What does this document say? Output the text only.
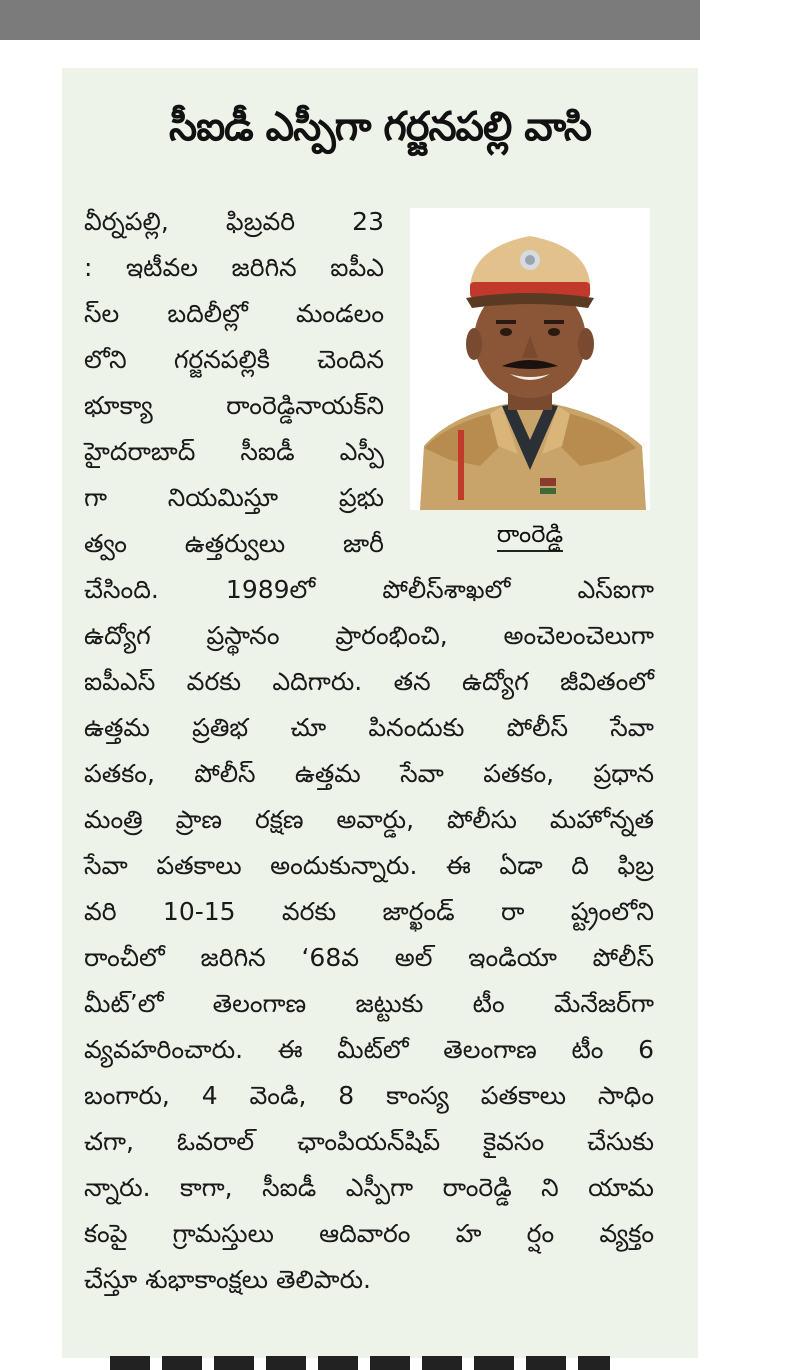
సీఐడీ ఎస్పీగా గర్జనపల్లి వాసి
రాంరెడ్డి
వీర్నపల్లి, ఫిబ్రవరి 23
: ఇటీవల జరిగిన ఐపీఎ
స్‌ల బదిలీల్లో మండలం
లోని గర్జనపల్లికి చెందిన
భూక్యా రాంరెడ్డినాయక్‌ని
హైదరాబాద్ సీఐడీ ఎస్పీ
గా నియమిస్తూ ప్రభు
త్వం ఉత్తర్వులు జారీ
చేసింది. 1989లో పోలీస్‌శాఖలో ఎస్‌ఐగా
ఉద్యోగ ప్రస్థానం ప్రారంభించి, అంచెలంచెలుగా
ఐపీఎస్ వరకు ఎదిగారు. తన ఉద్యోగ జీవితంలో
ఉత్తమ ప్రతిభ చూ పినందుకు పోలీస్ సేవా
పతకం, పోలీస్ ఉత్తమ సేవా పతకం, ప్రధాన
మంత్రి ప్రాణ రక్షణ అవార్డు, పోలీసు మహోన్నత
సేవా పతకాలు అందుకున్నారు. ఈ ఏడా ది ఫిబ్ర
వరి 10-15 వరకు జార్ఖండ్ రా ష్ట్రంలోని
రాంచీలో జరిగిన ‘68వ అల్ ఇండియా పోలీస్
మీట్’లో తెలంగాణ జట్టుకు టీం మేనేజర్‌గా
వ్యవహరించారు. ఈ మీట్‌లో తెలంగాణ టీం 6
బంగారు, 4 వెండి, 8 కాంస్య పతకాలు సాధిం
చగా, ఓవరాల్ ఛాంపియన్‌షిప్ కైవసం చేసుకు
న్నారు. కాగా, సీఐడీ ఎస్పీగా రాంరెడ్డి ని యామ
కంపై గ్రామస్తులు ఆదివారం హ ర్షం వ్యక్తం
చేస్తూ శుభాకాంక్షలు తెలిపారు.
